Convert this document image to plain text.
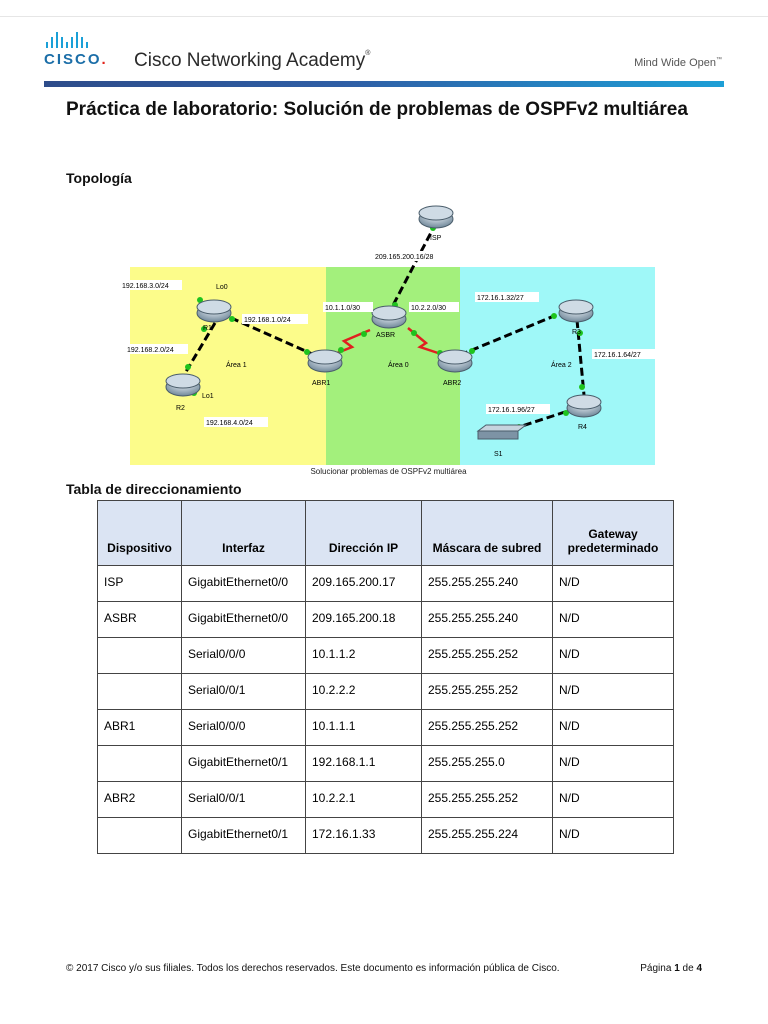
CISCO. Cisco Networking Academy®
Mind Wide Open™
Práctica de laboratorio: Solución de problemas de OSPFv2 multiárea
Topología
ISP
R1
R2
ABR1
ASBR
ABR2
R3
R4
S1
Lo0
Lo1
Área 1	Área 0	Área 2
209.165.200.16/28
192.168.3.0/24
192.168.1.0/24
192.168.2.0/24
192.168.4.0/24
10.1.1.0/30	10.2.2.0/30
172.16.1.32/27
172.16.1.64/27
172.16.1.96/27
Solucionar problemas de OSPFv2 multiárea
Tabla de direccionamiento
Dispositivo	Interfaz	Dirección IP	Máscara de subred	Gateway predeterminado
ISP	GigabitEthernet0/0	209.165.200.17	255.255.255.240	N/D
ASBR	GigabitEthernet0/0	209.165.200.18	255.255.255.240	N/D
	Serial0/0/0	10.1.1.2	255.255.255.252	N/D
	Serial0/0/1	10.2.2.2	255.255.255.252	N/D
ABR1	Serial0/0/0	10.1.1.1	255.255.255.252	N/D
	GigabitEthernet0/1	192.168.1.1	255.255.255.0	N/D
ABR2	Serial0/0/1	10.2.2.1	255.255.255.252	N/D
	GigabitEthernet0/1	172.16.1.33	255.255.255.224	N/D
© 2017 Cisco y/o sus filiales. Todos los derechos reservados. Este documento es información pública de Cisco.	Página 1 de 4
